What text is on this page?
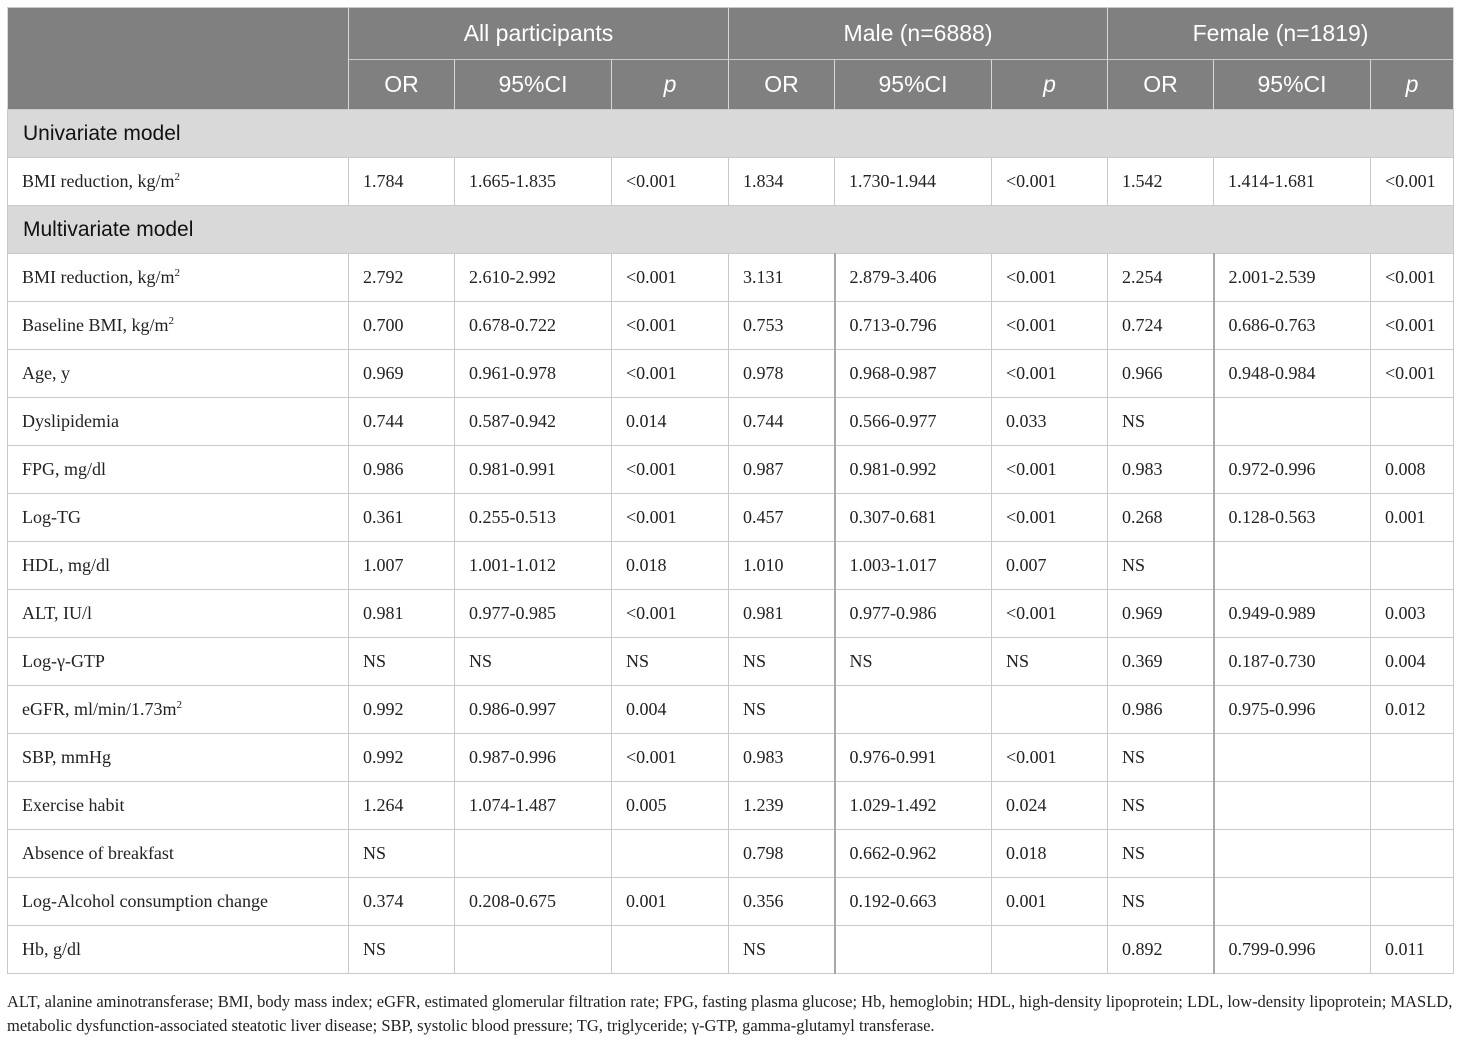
	All participants			Male (n=6888)			Female (n=1819)		
	OR	95%CI	p	OR	95%CI	p	OR	95%CI	p
Univariate model									
BMI reduction, $kg/m^2$	1.784	1.665-1.835	<0.001	1.834	1.730-1.944	<0.001	1.542	1.414-1.681	<0.001
Multivariate model									
BMI reduction, $kg/m^2$	2.792	2.610-2.992	<0.001	3.131	2.879-3.406	<0.001	2.254	2.001-2.539	<0.001
Baseline BMI, $kg/m^2$	0.700	0.678-0.722	<0.001	0.753	0.713-0.796	<0.001	0.724	0.686-0.763	<0.001
Age, y	0.969	0.961-0.978	<0.001	0.978	0.968-0.987	<0.001	0.966	0.948-0.984	<0.001
Dyslipidemia	0.744	0.587-0.942	0.014	0.744	0.566-0.977	0.033	NS		
FPG, mg/dl	0.986	0.981-0.991	<0.001	0.987	0.981-0.992	<0.001	0.983	0.972-0.996	0.008
Log-TG	0.361	0.255-0.513	<0.001	0.457	0.307-0.681	<0.001	0.268	0.128-0.563	0.001
HDL, mg/dl	1.007	1.001-1.012	0.018	1.010	1.003-1.017	0.007	NS		
ALT, IU/l	0.981	0.977-0.985	<0.001	0.981	0.977-0.986	<0.001	0.969	0.949-0.989	0.003
Log-γ-GTP	NS	NS	NS	NS	NS	NS	0.369	0.187-0.730	0.004
eGFR, $ml/\min/1.73m^2$	0.992	0.986-0.997	0.004	NS			0.986	0.975-0.996	0.012
SBP, mmHg	0.992	0.987-0.996	<0.001	0.983	0.976-0.991	<0.001	NS		
Exercise habit	1.264	1.074-1.487	0.005	1.239	1.029-1.492	0.024	NS		
Absence of breakfast	NS			0.798	0.662-0.962	0.018	NS		
Log-Alcohol consumption change	0.374	0.208-0.675	0.001	0.356	0.192-0.663	0.001	NS		
Hb, g/dl	NS			NS			0.892	0.799-0.996	0.011
ALT, alanine aminotransferase; BMI, body mass index; eGFR, estimated glomerular filtration rate; FPG, fasting plasma glucose; Hb, hemoglobin; HDL, high-density lipoprotein; LDL, low-density lipoprotein; MASLD, metabolic dysfunction-associated steatotic liver disease; SBP, systolic blood pressure; TG, triglyceride; γ-GTP, gamma-glutamyl transferase.
